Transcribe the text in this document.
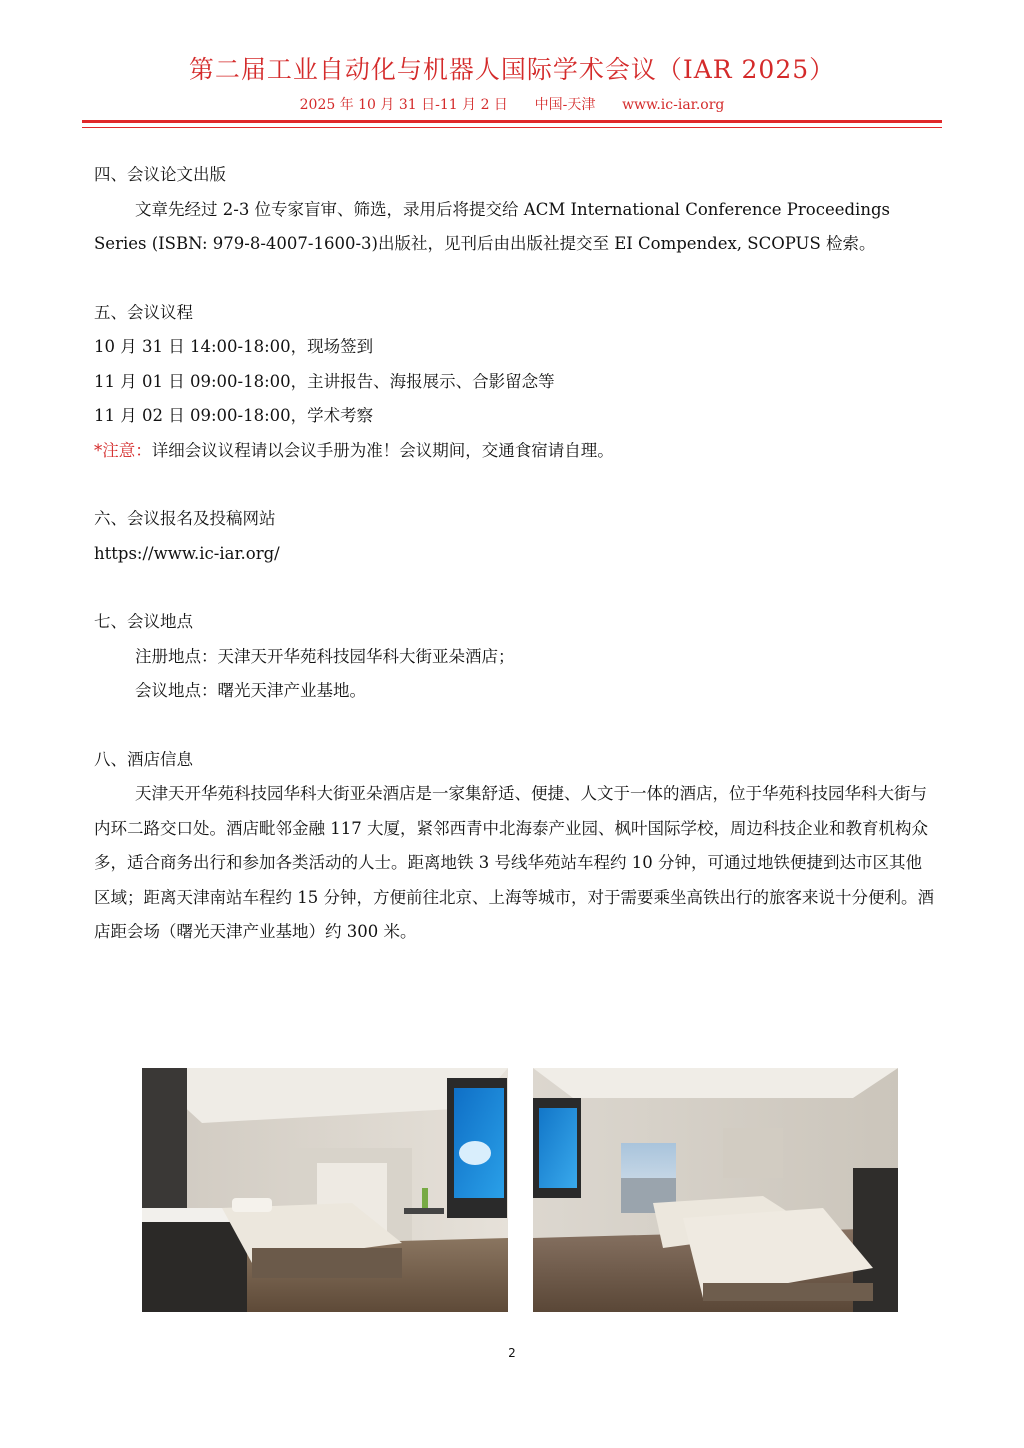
第二届工业自动化与机器人国际学术会议（IAR 2025）
2025 年 10 月 31 日-11 月 2 日      中国-天津      www.ic-iar.org

四、会议论文出版

文章先经过 2-3 位专家盲审、筛选，录用后将提交给 ACM International Conference Proceedings Series (ISBN: 979-8-4007-1600-3)出版社，见刊后由出版社提交至 EI Compendex, SCOPUS 检索。

五、会议议程

10 月 31 日 14:00-18:00，现场签到

11 月 01 日 09:00-18:00，主讲报告、海报展示、合影留念等

11 月 02 日 09:00-18:00，学术考察

*注意：详细会议议程请以会议手册为准！会议期间，交通食宿请自理。

六、会议报名及投稿网站

https://www.ic-iar.org/

七、会议地点

注册地点：天津天开华苑科技园华科大街亚朵酒店；

会议地点：曙光天津产业基地。

八、酒店信息

天津天开华苑科技园华科大街亚朵酒店是一家集舒适、便捷、人文于一体的酒店，位于华苑科技园华科大街与内环二路交口处。酒店毗邻金融 117 大厦，紧邻西青中北海泰产业园、枫叶国际学校，周边科技企业和教育机构众多，适合商务出行和参加各类活动的人士。距离地铁 3 号线华苑站车程约 10 分钟，可通过地铁便捷到达市区其他区域；距离天津南站车程约 15 分钟，方便前往北京、上海等城市，对于需要乘坐高铁出行的旅客来说十分便利。酒店距会场（曙光天津产业基地）约 300 米。

2
